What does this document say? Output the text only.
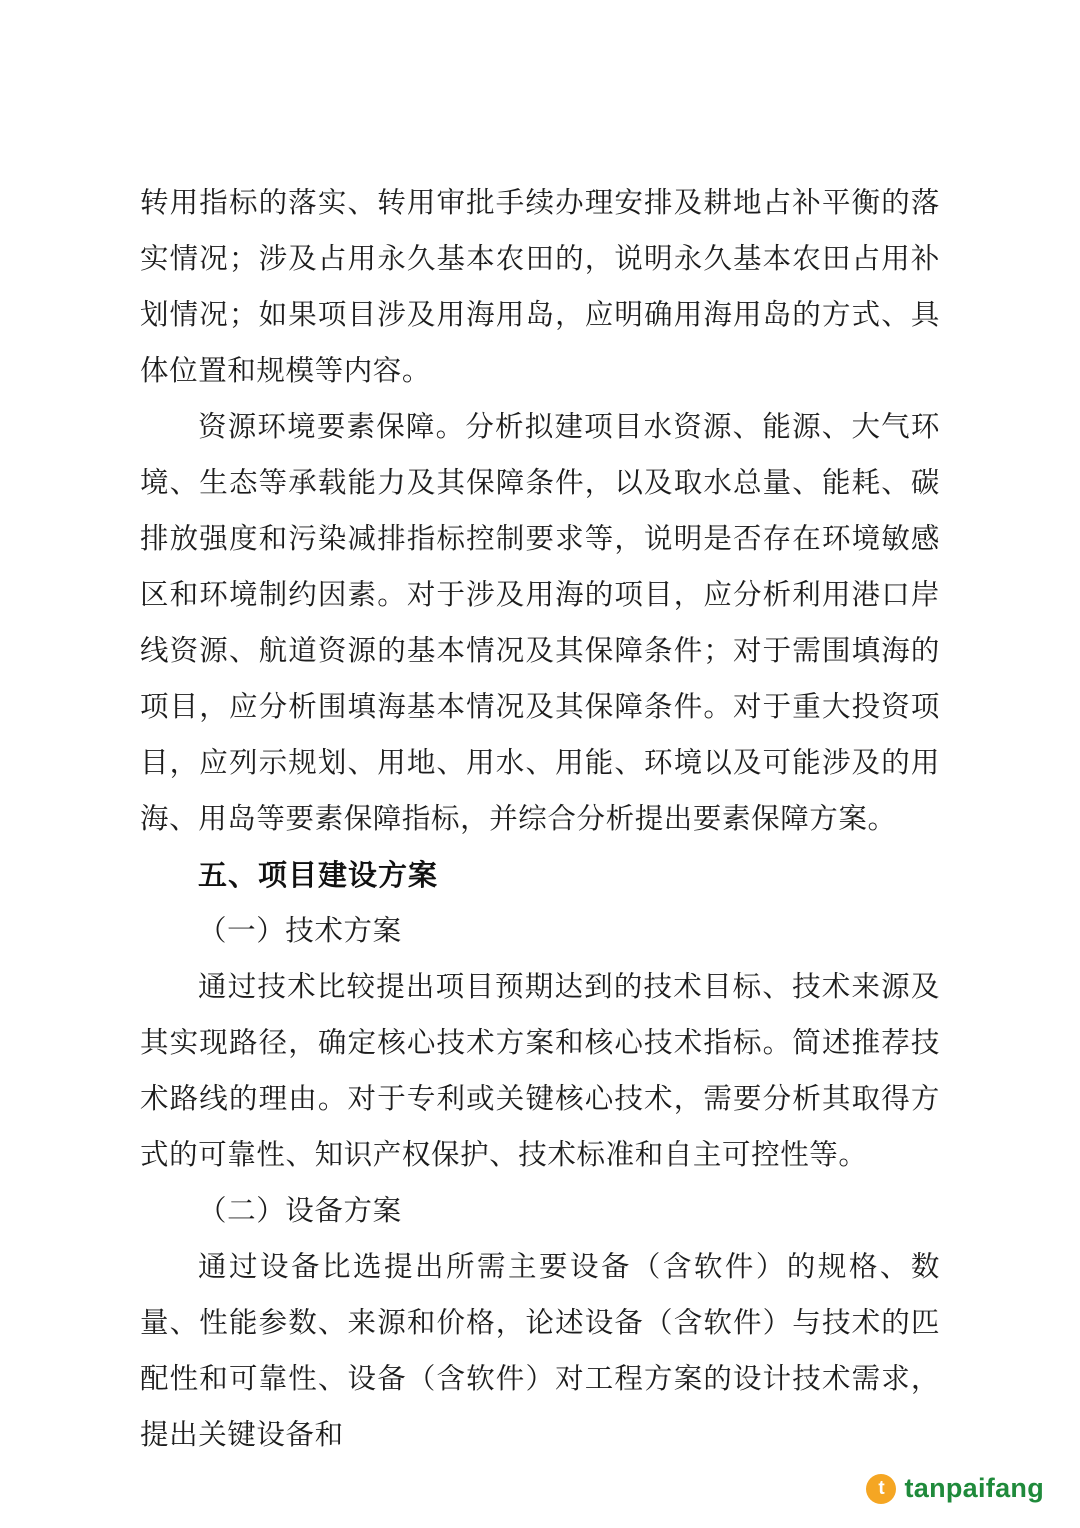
转用指标的落实、转用审批手续办理安排及耕地占补平衡的落实情况；涉及占用永久基本农田的，说明永久基本农田占用补划情况；如果项目涉及用海用岛，应明确用海用岛的方式、具体位置和规模等内容。

资源环境要素保障。分析拟建项目水资源、能源、大气环境、生态等承载能力及其保障条件，以及取水总量、能耗、碳排放强度和污染减排指标控制要求等，说明是否存在环境敏感区和环境制约因素。对于涉及用海的项目，应分析利用港口岸线资源、航道资源的基本情况及其保障条件；对于需围填海的项目，应分析围填海基本情况及其保障条件。对于重大投资项目，应列示规划、用地、用水、用能、环境以及可能涉及的用海、用岛等要素保障指标，并综合分析提出要素保障方案。

五、项目建设方案
（一）技术方案

通过技术比较提出项目预期达到的技术目标、技术来源及其实现路径，确定核心技术方案和核心技术指标。简述推荐技术路线的理由。对于专利或关键核心技术，需要分析其取得方式的可靠性、知识产权保护、技术标准和自主可控性等。

（二）设备方案

通过设备比选提出所需主要设备（含软件）的规格、数量、性能参数、来源和价格，论述设备（含软件）与技术的匹配性和可靠性、设备（含软件）对工程方案的设计技术需求，提出关键设备和

t tanpaifang
